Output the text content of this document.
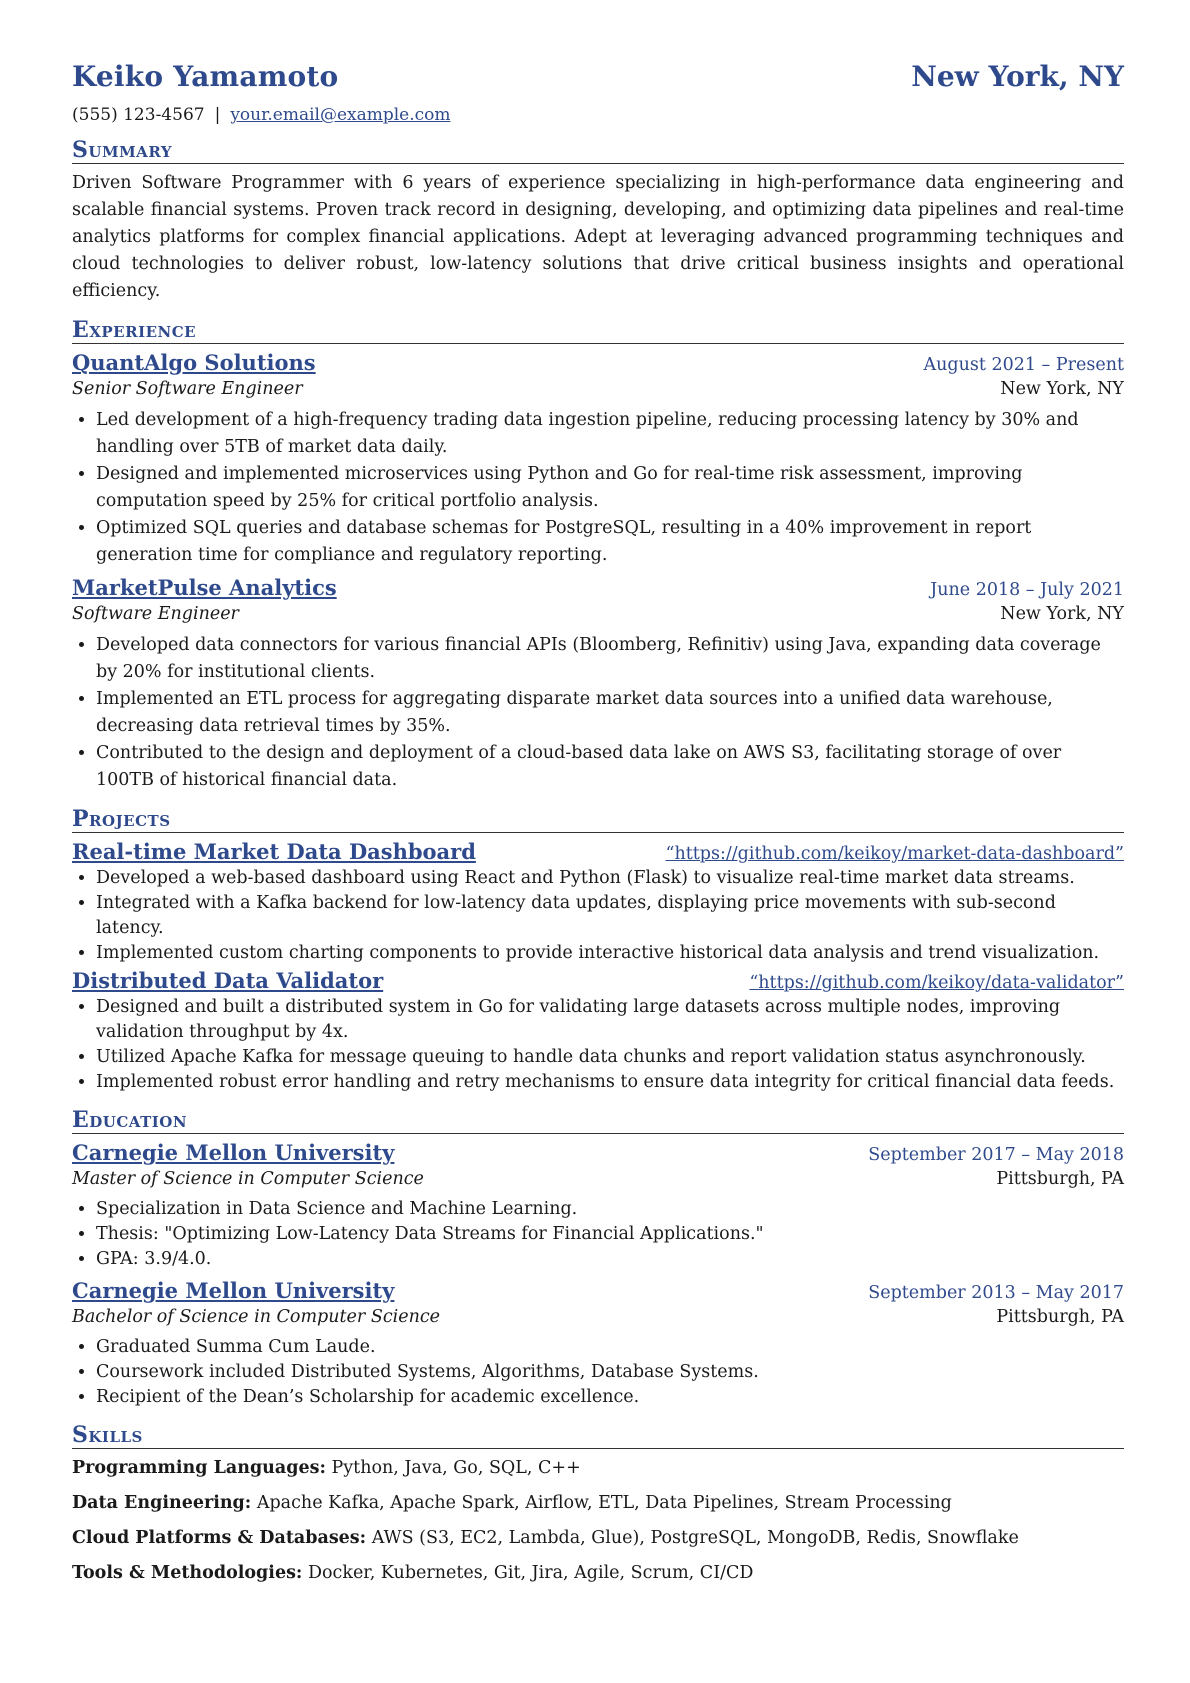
Keiko Yamamoto	New York, NY
(555) 123-4567 | your.email@example.com
Summary
Driven Software Programmer with 6 years of experience specializing in high-performance data engineering and scalable financial systems. Proven track record in designing, developing, and optimizing data pipelines and real-time analytics platforms for complex financial applications. Adept at leveraging advanced programming techniques and cloud technologies to deliver robust, low-latency solutions that drive critical business insights and operational efficiency.
Experience
QuantAlgo Solutions	August 2021 – Present
Senior Software Engineer	New York, NY
• Led development of a high-frequency trading data ingestion pipeline, reducing processing latency by 30% and handling over 5TB of market data daily.
• Designed and implemented microservices using Python and Go for real-time risk assessment, improving computation speed by 25% for critical portfolio analysis.
• Optimized SQL queries and database schemas for PostgreSQL, resulting in a 40% improvement in report generation time for compliance and regulatory reporting.
MarketPulse Analytics	June 2018 – July 2021
Software Engineer	New York, NY
• Developed data connectors for various financial APIs (Bloomberg, Refinitiv) using Java, expanding data coverage by 20% for institutional clients.
• Implemented an ETL process for aggregating disparate market data sources into a unified data warehouse, decreasing data retrieval times by 35%.
• Contributed to the design and deployment of a cloud-based data lake on AWS S3, facilitating storage of over 100TB of historical financial data.
Projects
Real-time Market Data Dashboard	“https://github.com/keikoy/market-data-dashboard”
• Developed a web-based dashboard using React and Python (Flask) to visualize real-time market data streams.
• Integrated with a Kafka backend for low-latency data updates, displaying price movements with sub-second latency.
• Implemented custom charting components to provide interactive historical data analysis and trend visualization.
Distributed Data Validator	“https://github.com/keikoy/data-validator”
• Designed and built a distributed system in Go for validating large datasets across multiple nodes, improving validation throughput by 4x.
• Utilized Apache Kafka for message queuing to handle data chunks and report validation status asynchronously.
• Implemented robust error handling and retry mechanisms to ensure data integrity for critical financial data feeds.
Education
Carnegie Mellon University	September 2017 – May 2018
Master of Science in Computer Science	Pittsburgh, PA
• Specialization in Data Science and Machine Learning.
• Thesis: "Optimizing Low-Latency Data Streams for Financial Applications."
• GPA: 3.9/4.0.
Carnegie Mellon University	September 2013 – May 2017
Bachelor of Science in Computer Science	Pittsburgh, PA
• Graduated Summa Cum Laude.
• Coursework included Distributed Systems, Algorithms, Database Systems.
• Recipient of the Dean’s Scholarship for academic excellence.
Skills
Programming Languages: Python, Java, Go, SQL, C++
Data Engineering: Apache Kafka, Apache Spark, Airflow, ETL, Data Pipelines, Stream Processing
Cloud Platforms & Databases: AWS (S3, EC2, Lambda, Glue), PostgreSQL, MongoDB, Redis, Snowflake
Tools & Methodologies: Docker, Kubernetes, Git, Jira, Agile, Scrum, CI/CD
